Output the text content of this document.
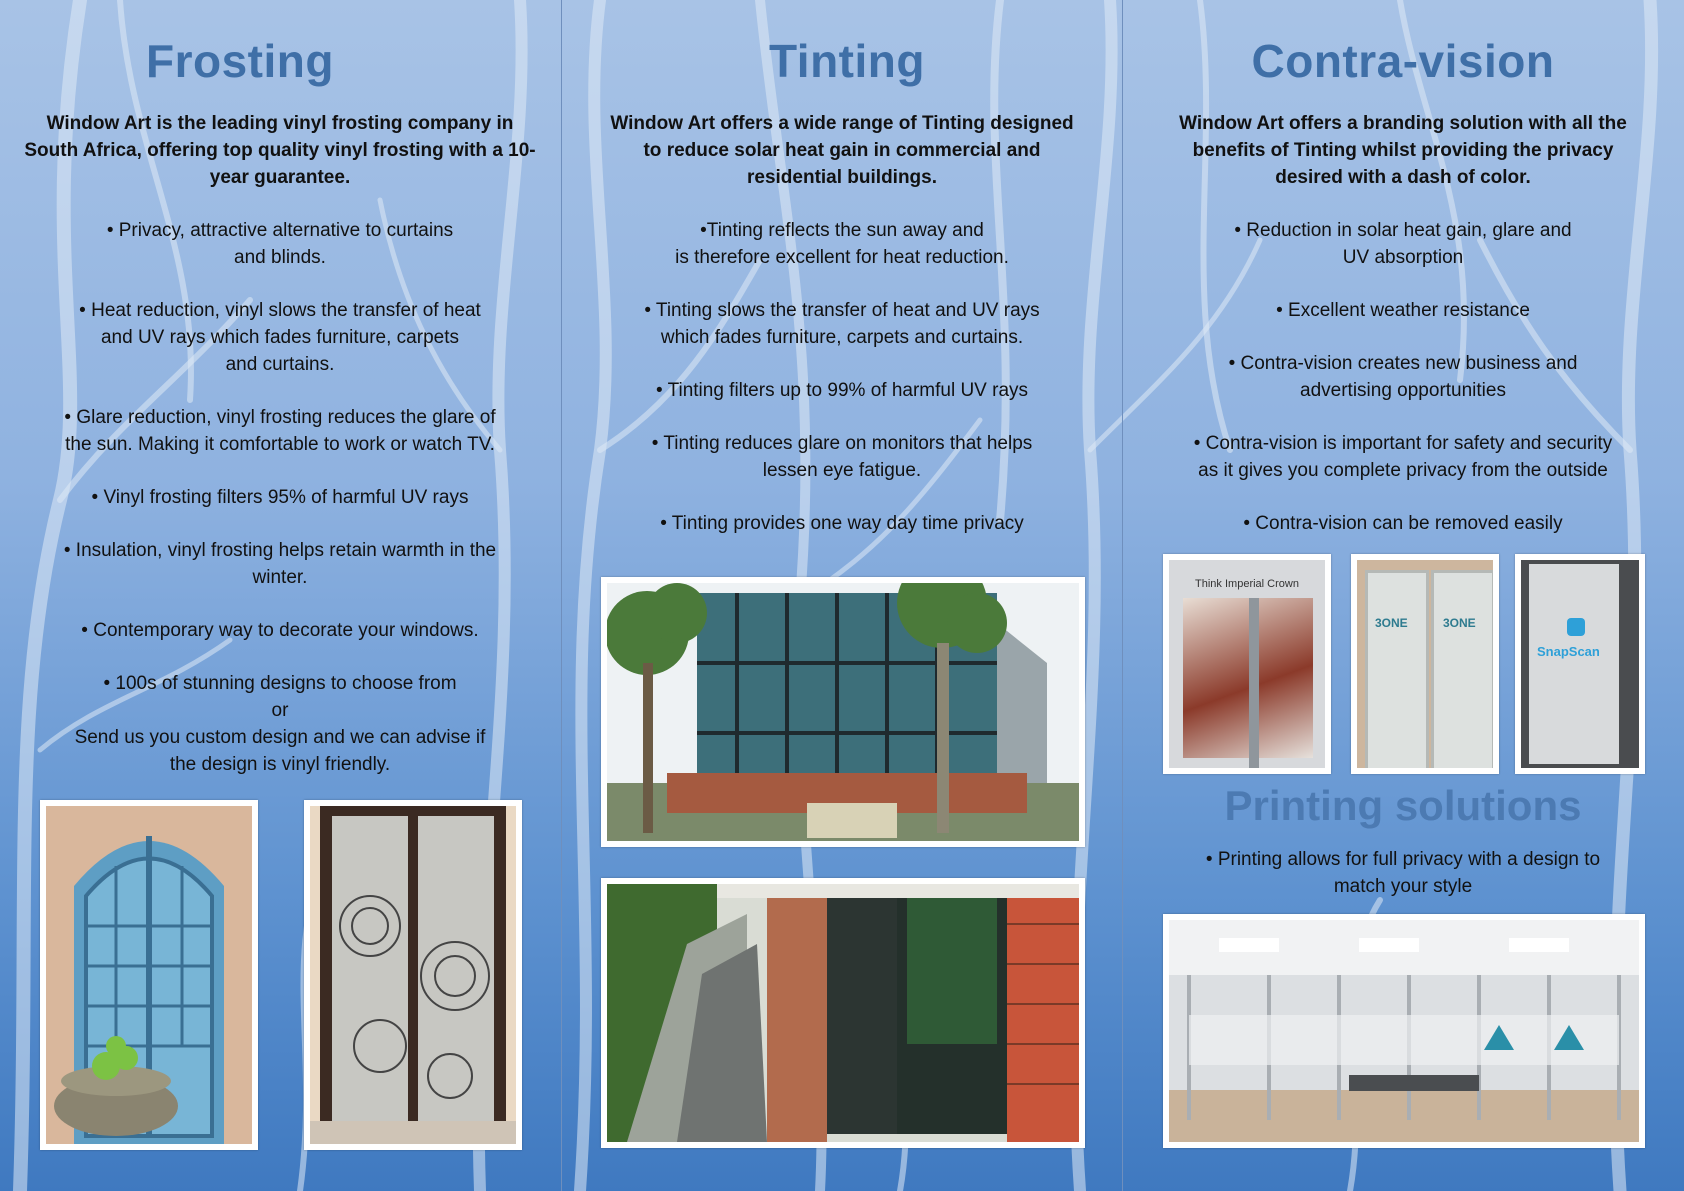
Frosting
Window Art is the leading vinyl frosting company in South Africa, offering top quality vinyl frosting with a 10-year guarantee.
• Privacy, attractive alternative to curtains
and blinds.
• Heat reduction, vinyl slows the transfer of heat
and UV rays which fades furniture, carpets
and curtains.
• Glare reduction, vinyl frosting reduces the glare of
the sun. Making it comfortable to work or watch TV.
• Vinyl frosting filters 95% of harmful UV rays
• Insulation, vinyl frosting helps retain warmth in the
winter.
• Contemporary way to decorate your windows.
• 100s of stunning designs to choose from
or
Send us you custom design and we can advise if
the design is vinyl friendly.
Tinting
Window Art offers a wide range of Tinting designed to reduce solar heat gain in commercial and residential buildings.
•Tinting reflects the sun away and
is therefore excellent for heat reduction.
• Tinting slows the transfer of heat and UV rays
which fades furniture, carpets and curtains.
• Tinting filters up to 99% of harmful UV rays
• Tinting reduces glare on monitors that helps
lessen eye fatigue.
• Tinting provides one way day time privacy
Contra-vision
Window Art offers a branding solution with all the benefits of Tinting whilst providing the privacy desired with a dash of color.
• Reduction in solar heat gain, glare and
UV absorption
• Excellent weather resistance
• Contra-vision creates new business and
advertising opportunities
• Contra-vision is important for safety and security
as it gives you complete privacy from the outside
• Contra-vision can be removed easily
Think Imperial Crown
3ONE	3ONE
SnapScan
Printing solutions
• Printing allows for full privacy with a design to
match your style
